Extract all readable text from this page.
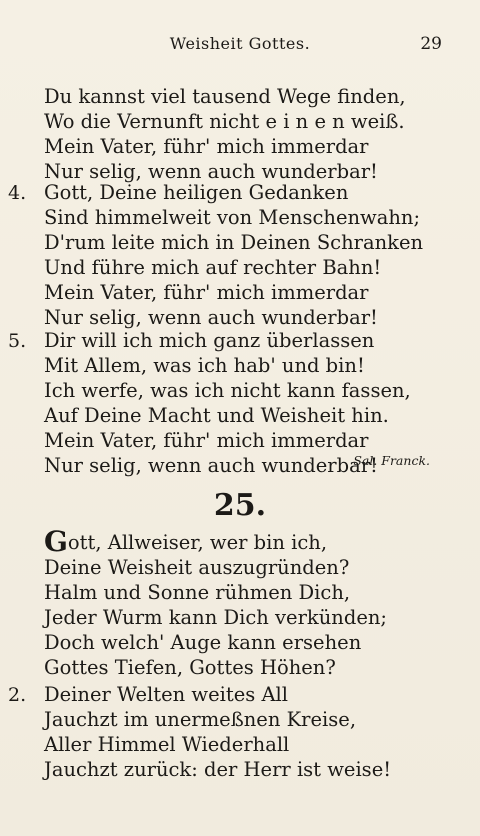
Weisheit Gottes.	29
Du kannst viel tausend Wege finden,
Wo die Vernunft nicht e i n e n weiß.
Mein Vater, führ' mich immerdar
Nur selig, wenn auch wunderbar!
4. Gott, Deine heiligen Gedanken
Sind himmelweit von Menschenwahn;
D'rum leite mich in Deinen Schranken
Und führe mich auf rechter Bahn!
Mein Vater, führ' mich immerdar
Nur selig, wenn auch wunderbar!
5. Dir will ich mich ganz überlassen
Mit Allem, was ich hab' und bin!
Ich werfe, was ich nicht kann fassen,
Auf Deine Macht und Weisheit hin.
Mein Vater, führ' mich immerdar
Nur selig, wenn auch wunderbar!
Sal. Franck.
25.
Gott, Allweiser, wer bin ich,
Deine Weisheit auszugründen?
Halm und Sonne rühmen Dich,
Jeder Wurm kann Dich verkünden;
Doch welch' Auge kann ersehen
Gottes Tiefen, Gottes Höhen?
2. Deiner Welten weites All
Jauchzt im unermeßnen Kreise,
Aller Himmel Wiederhall
Jauchzt zurück: der Herr ist weise!
